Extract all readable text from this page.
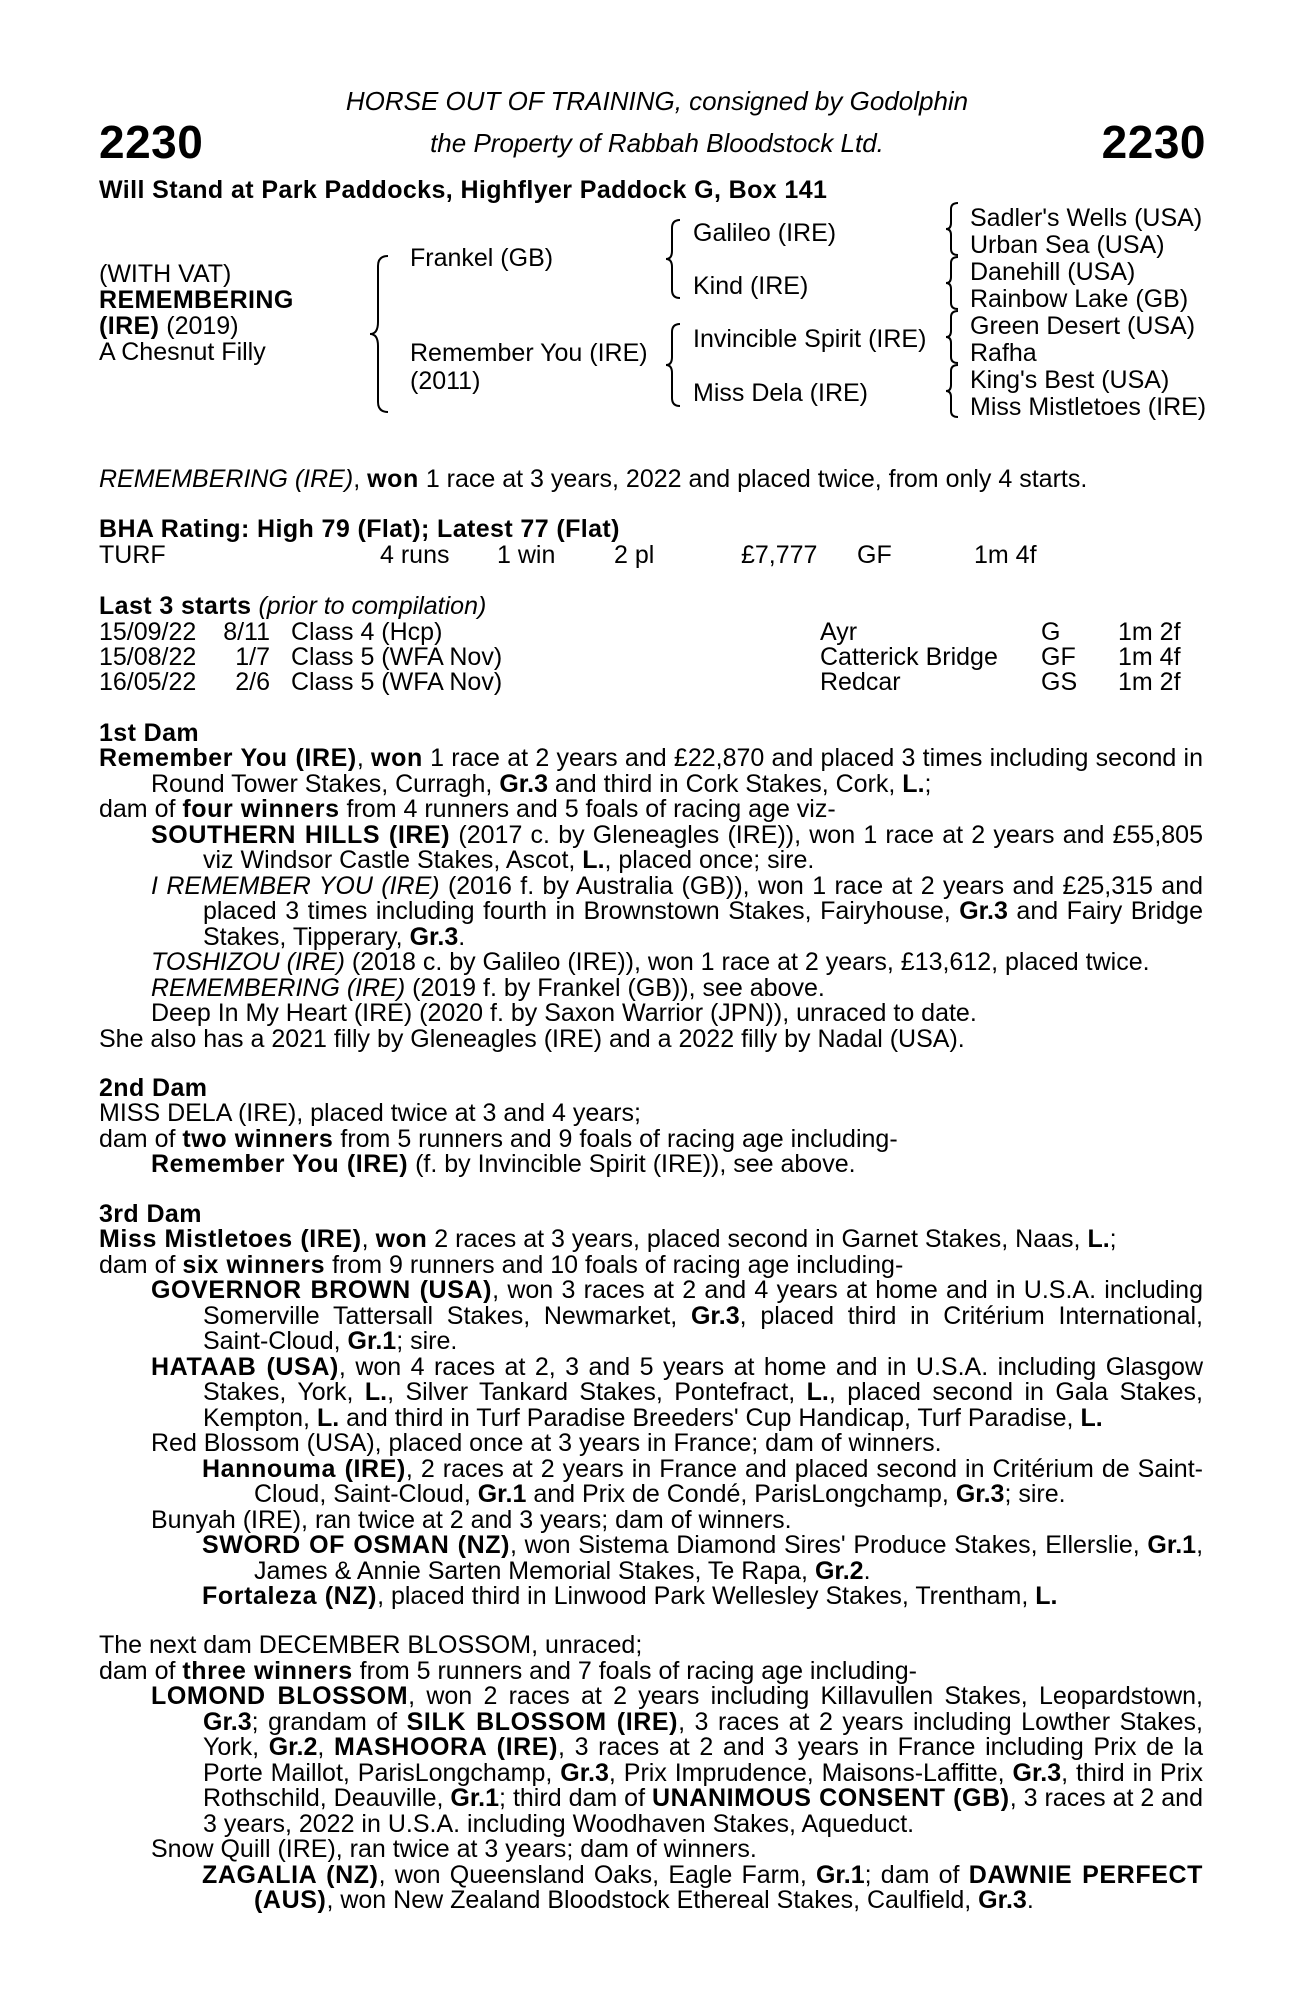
2230	2230
HORSE OUT OF TRAINING, consigned by Godolphin
the Property of Rabbah Bloodstock Ltd.
Will Stand at Park Paddocks, Highflyer Paddock G, Box 141
(WITH VAT)
REMEMBERING
(IRE) (2019)
A Chesnut Filly
Frankel (GB)
Remember You (IRE)
(2011)
Galileo (IRE)
Kind (IRE)
Invincible Spirit (IRE)
Miss Dela (IRE)
Sadler's Wells (USA)
Urban Sea (USA)
Danehill (USA)
Rainbow Lake (GB)
Green Desert (USA)
Rafha
King's Best (USA)
Miss Mistletoes (IRE)
REMEMBERING (IRE), won 1 race at 3 years, 2022 and placed twice, from only 4 starts.
BHA Rating: High 79 (Flat); Latest 77 (Flat)
TURF	4 runs 1 win 2 pl	£7,777 GF	1m 4f
Last 3 starts (prior to compilation)
15/09/22	8/11 Class 4 (Hcp)	Ayr	G 1m 2f
15/08/22	1/7 Class 5 (WFA Nov)	Catterick Bridge GF 1m 4f
16/05/22	2/6 Class 5 (WFA Nov)	Redcar	GS 1m 2f
1st Dam
Remember You (IRE), won 1 race at 2 years and £22,870 and placed 3 times including second in Round Tower Stakes, Curragh, Gr.3 and third in Cork Stakes, Cork, L.;
dam of four winners from 4 runners and 5 foals of racing age viz-
SOUTHERN HILLS (IRE) (2017 c. by Gleneagles (IRE)), won 1 race at 2 years and £55,805 viz Windsor Castle Stakes, Ascot, L., placed once; sire.
I REMEMBER YOU (IRE) (2016 f. by Australia (GB)), won 1 race at 2 years and £25,315 and placed 3 times including fourth in Brownstown Stakes, Fairyhouse, Gr.3 and Fairy Bridge Stakes, Tipperary, Gr.3.
TOSHIZOU (IRE) (2018 c. by Galileo (IRE)), won 1 race at 2 years, £13,612, placed twice.
REMEMBERING (IRE) (2019 f. by Frankel (GB)), see above.
Deep In My Heart (IRE) (2020 f. by Saxon Warrior (JPN)), unraced to date.
She also has a 2021 filly by Gleneagles (IRE) and a 2022 filly by Nadal (USA).
2nd Dam
MISS DELA (IRE), placed twice at 3 and 4 years;
dam of two winners from 5 runners and 9 foals of racing age including-
Remember You (IRE) (f. by Invincible Spirit (IRE)), see above.
3rd Dam
Miss Mistletoes (IRE), won 2 races at 3 years, placed second in Garnet Stakes, Naas, L.;
dam of six winners from 9 runners and 10 foals of racing age including-
GOVERNOR BROWN (USA), won 3 races at 2 and 4 years at home and in U.S.A. including Somerville Tattersall Stakes, Newmarket, Gr.3, placed third in Critérium International, Saint-Cloud, Gr.1; sire.
HATAAB (USA), won 4 races at 2, 3 and 5 years at home and in U.S.A. including Glasgow Stakes, York, L., Silver Tankard Stakes, Pontefract, L., placed second in Gala Stakes, Kempton, L. and third in Turf Paradise Breeders' Cup Handicap, Turf Paradise, L.
Red Blossom (USA), placed once at 3 years in France; dam of winners.
Hannouma (IRE), 2 races at 2 years in France and placed second in Critérium de Saint-Cloud, Saint-Cloud, Gr.1 and Prix de Condé, ParisLongchamp, Gr.3; sire.
Bunyah (IRE), ran twice at 2 and 3 years; dam of winners.
SWORD OF OSMAN (NZ), won Sistema Diamond Sires' Produce Stakes, Ellerslie, Gr.1, James & Annie Sarten Memorial Stakes, Te Rapa, Gr.2.
Fortaleza (NZ), placed third in Linwood Park Wellesley Stakes, Trentham, L.
The next dam DECEMBER BLOSSOM, unraced;
dam of three winners from 5 runners and 7 foals of racing age including-
LOMOND BLOSSOM, won 2 races at 2 years including Killavullen Stakes, Leopardstown, Gr.3; grandam of SILK BLOSSOM (IRE), 3 races at 2 years including Lowther Stakes, York, Gr.2, MASHOORA (IRE), 3 races at 2 and 3 years in France including Prix de la Porte Maillot, ParisLongchamp, Gr.3, Prix Imprudence, Maisons-Laffitte, Gr.3, third in Prix Rothschild, Deauville, Gr.1; third dam of UNANIMOUS CONSENT (GB), 3 races at 2 and 3 years, 2022 in U.S.A. including Woodhaven Stakes, Aqueduct.
Snow Quill (IRE), ran twice at 3 years; dam of winners.
ZAGALIA (NZ), won Queensland Oaks, Eagle Farm, Gr.1; dam of DAWNIE PERFECT (AUS), won New Zealand Bloodstock Ethereal Stakes, Caulfield, Gr.3.
